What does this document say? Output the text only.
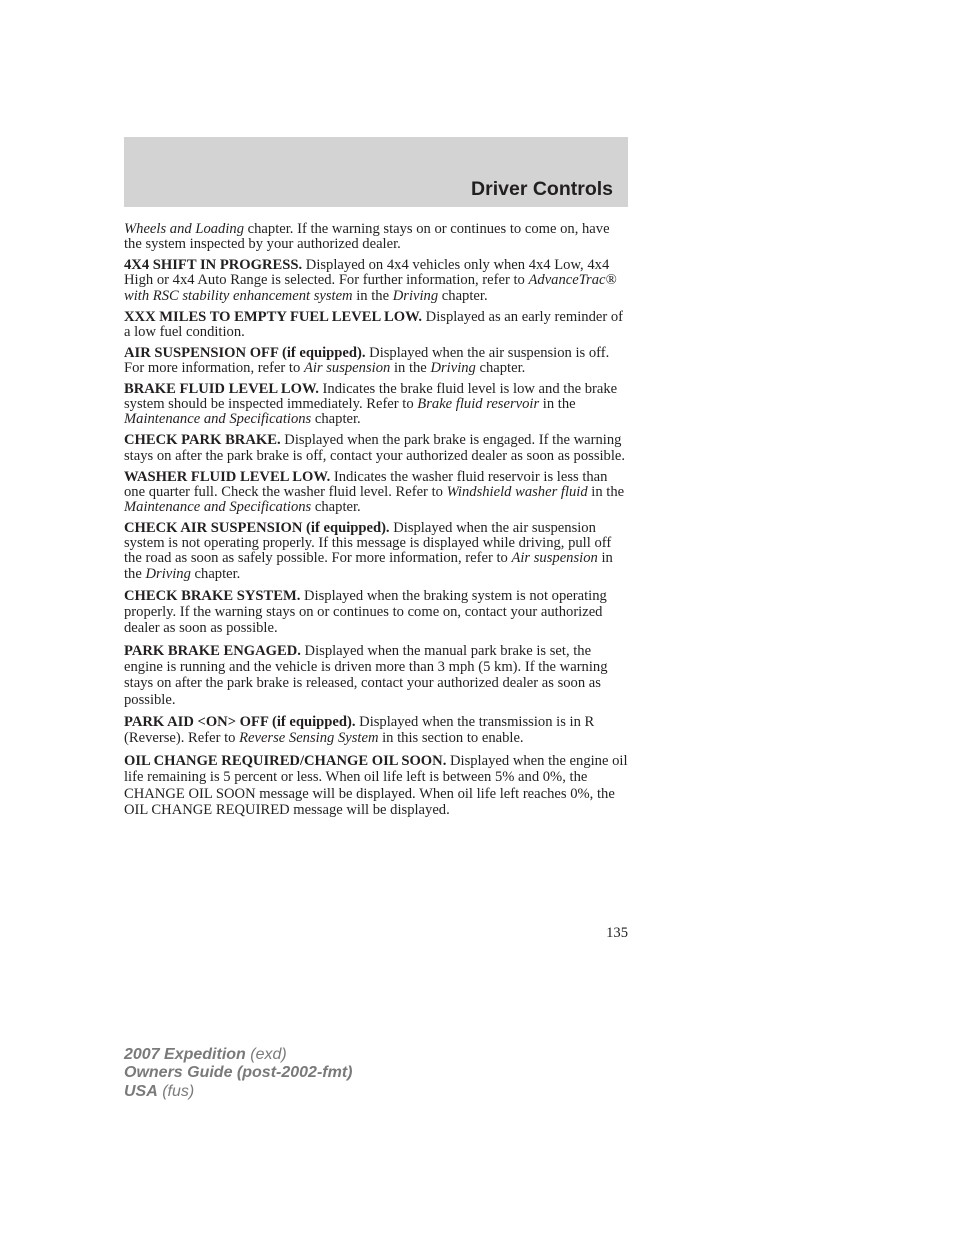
Driver Controls

Wheels and Loading chapter. If the warning stays on or continues to come on, have the system inspected by your authorized dealer.

4X4 SHIFT IN PROGRESS. Displayed on 4x4 vehicles only when 4x4 Low, 4x4 High or 4x4 Auto Range is selected. For further information, refer to AdvanceTrac® with RSC stability enhancement system in the Driving chapter.

XXX MILES TO EMPTY FUEL LEVEL LOW. Displayed as an early reminder of a low fuel condition.

AIR SUSPENSION OFF (if equipped). Displayed when the air suspension is off. For more information, refer to Air suspension in the Driving chapter.

BRAKE FLUID LEVEL LOW. Indicates the brake fluid level is low and the brake system should be inspected immediately. Refer to Brake fluid reservoir in the Maintenance and Specifications chapter.

CHECK PARK BRAKE. Displayed when the park brake is engaged. If the warning stays on after the park brake is off, contact your authorized dealer as soon as possible.

WASHER FLUID LEVEL LOW. Indicates the washer fluid reservoir is less than one quarter full. Check the washer fluid level. Refer to Windshield washer fluid in the Maintenance and Specifications chapter.

CHECK AIR SUSPENSION (if equipped). Displayed when the air suspension system is not operating properly. If this message is displayed while driving, pull off the road as soon as safely possible. For more information, refer to Air suspension in the Driving chapter.

CHECK BRAKE SYSTEM. Displayed when the braking system is not operating properly. If the warning stays on or continues to come on, contact your authorized dealer as soon as possible.

PARK BRAKE ENGAGED. Displayed when the manual park brake is set, the engine is running and the vehicle is driven more than 3 mph (5 km). If the warning stays on after the park brake is released, contact your authorized dealer as soon as possible.

PARK AID <ON> OFF (if equipped). Displayed when the transmission is in R (Reverse). Refer to Reverse Sensing System in this section to enable.

OIL CHANGE REQUIRED/CHANGE OIL SOON. Displayed when the engine oil life remaining is 5 percent or less. When oil life left is between 5% and 0%, the CHANGE OIL SOON message will be displayed. When oil life left reaches 0%, the OIL CHANGE REQUIRED message will be displayed.

135
2007 Expedition (exd)
Owners Guide (post-2002-fmt)
USA (fus)
